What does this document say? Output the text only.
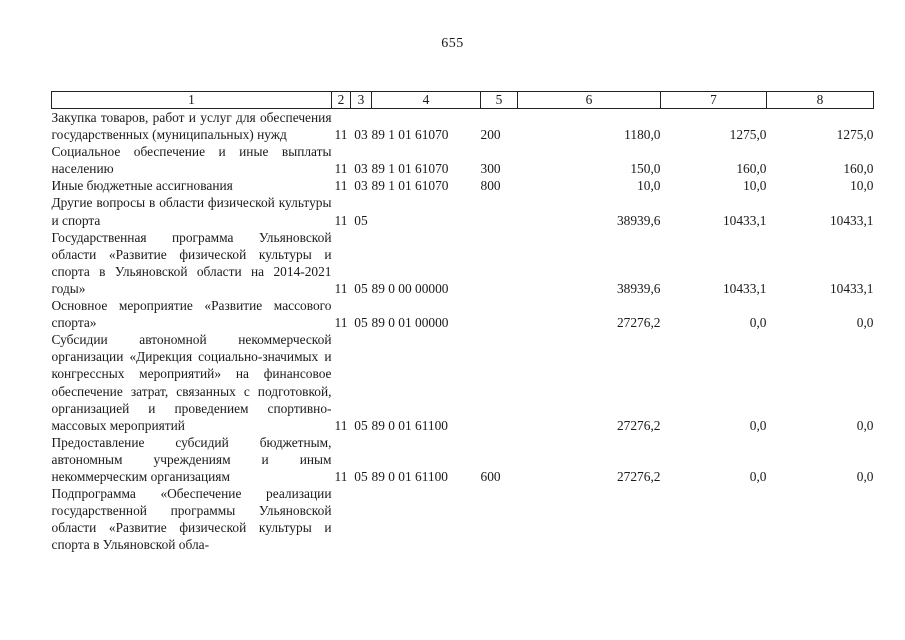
655
1	2	3	4	5	6	7	8
Закупка товаров, работ и услуг для обеспечения государственных (муниципальных) нужд	11	03	89 1 01 61070	200	1180,0	1275,0	1275,0
Социальное обеспечение и иные выплаты населению	11	03	89 1 01 61070	300	150,0	160,0	160,0
Иные бюджетные ассигнования	11	03	89 1 01 61070	800	10,0	10,0	10,0
Другие вопросы в области физической культуры и спорта	11	05			38939,6	10433,1	10433,1
Государственная программа Ульяновской области «Развитие физической культуры и спорта в Ульяновской области на 2014-2021 годы»	11	05	89 0 00 00000		38939,6	10433,1	10433,1
Основное мероприятие «Развитие массового спорта»	11	05	89 0 01 00000		27276,2	0,0	0,0
Субсидии автономной некоммерческой организации «Дирекция социально-значимых и конгрессных мероприятий» на финансовое обеспечение затрат, связанных с подготовкой, организацией и проведением спортивно-массовых мероприятий	11	05	89 0 01 61100		27276,2	0,0	0,0
Предоставление субсидий бюджетным, автономным учреждениям и иным некоммерческим организациям	11	05	89 0 01 61100	600	27276,2	0,0	0,0
Подпрограмма «Обеспечение реализации государственной программы Ульяновской области «Развитие физической культуры и спорта в Ульяновской обла-							
